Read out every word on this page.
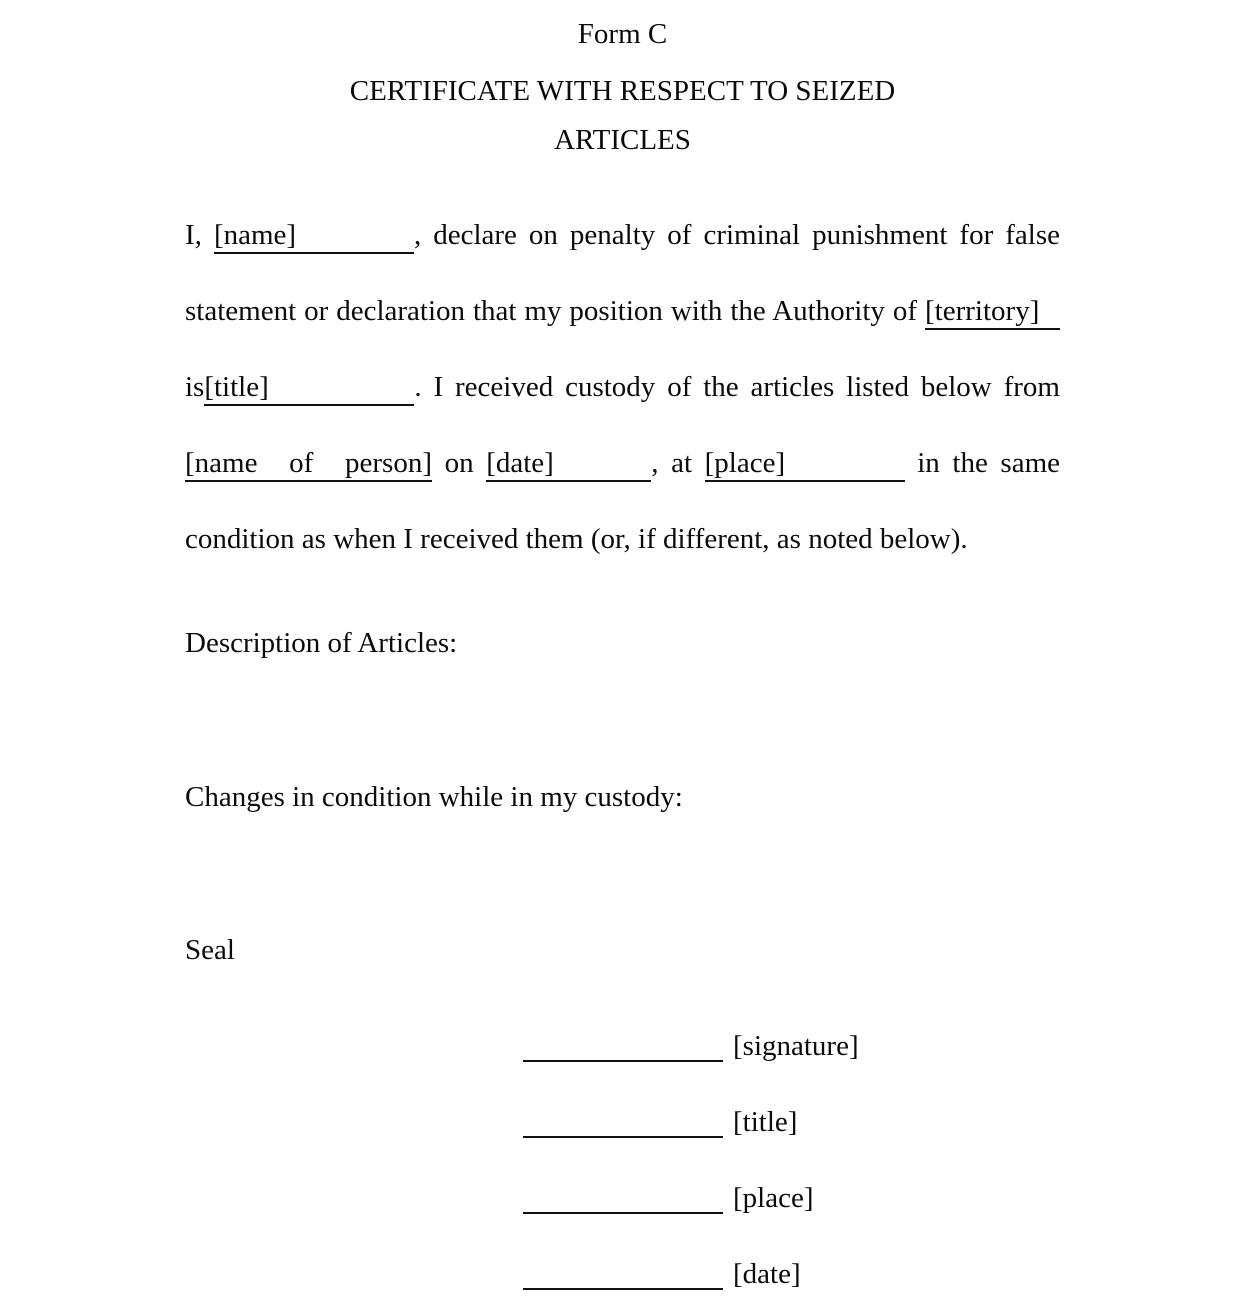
Form C
CERTIFICATE WITH RESPECT TO SEIZED
ARTICLES
I, [name]	, declare on penalty of criminal punishment for false
statement or declaration that my position with the Authority of [territory]
is[title]	. I received custody of the articles listed below from
[name of person] on [date]	, at [place]	in the same
condition as when I received them (or, if different, as noted below).
Description of Articles:
Changes in condition while in my custody:
Seal
[signature]
[title]
[place]
[date]
